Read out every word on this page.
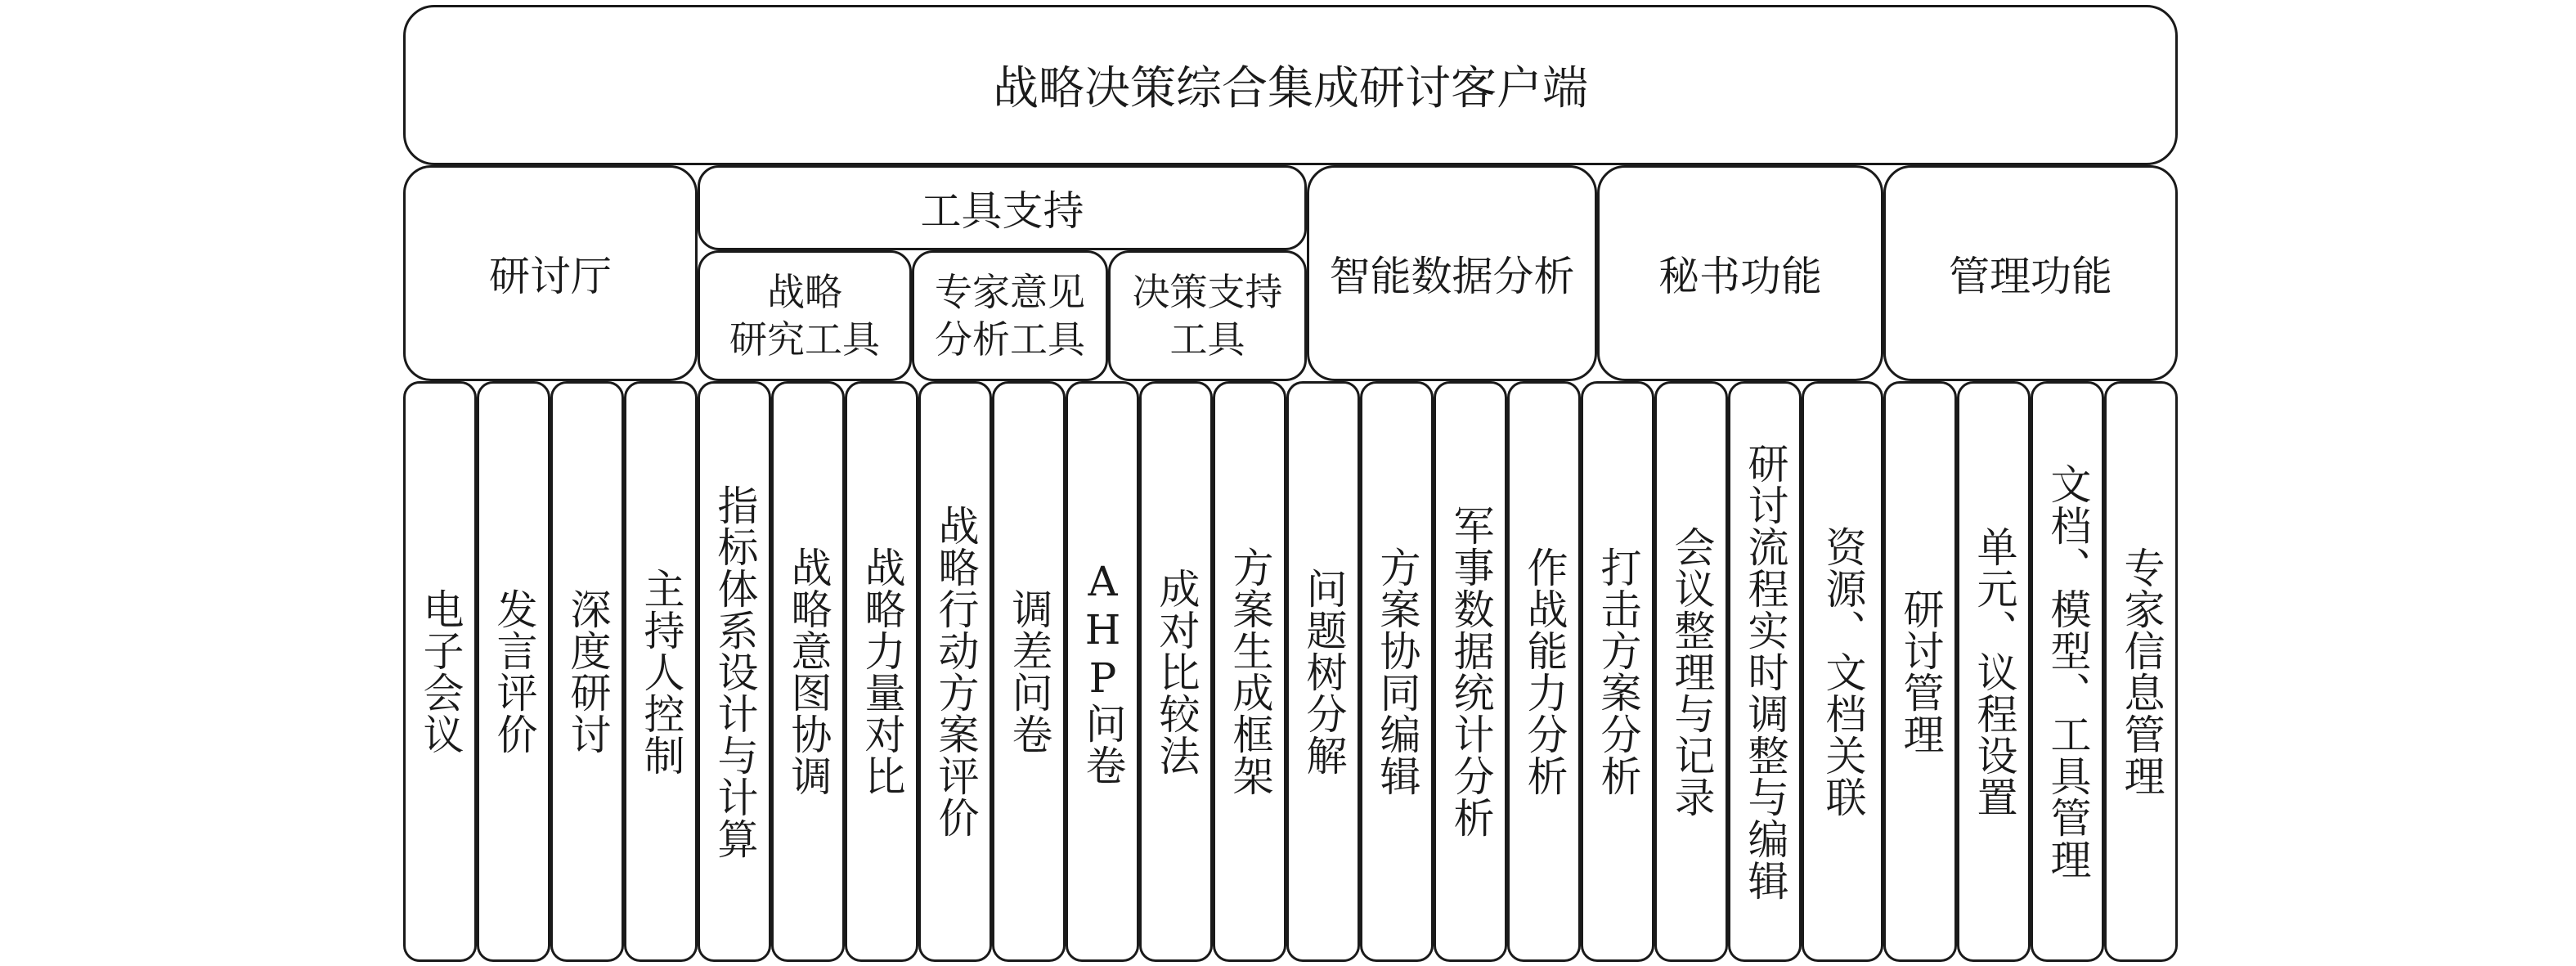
战略决策综合集成研讨客户端
研讨厅
工具支持
战略
研究工具
专家意见
分析工具
决策支持
工具
智能数据分析 秘书功能	管理功能
电子会议 发言评价 深度研讨 主持人控制 指标体系设计与计算 战略意图协调 战略力量对比 战略行动方案评价 调差问卷 AHP问卷 成对比较法 方案生成框架 问题树分解 方案协同编辑 军事数据统计分析 作战能力分析 打击方案分析 会议整理与记录 研讨流程实时调整与编辑 资源、文档关联 研讨管理 单元、议程设置 文档、模型、工具管理 专家信息管理
